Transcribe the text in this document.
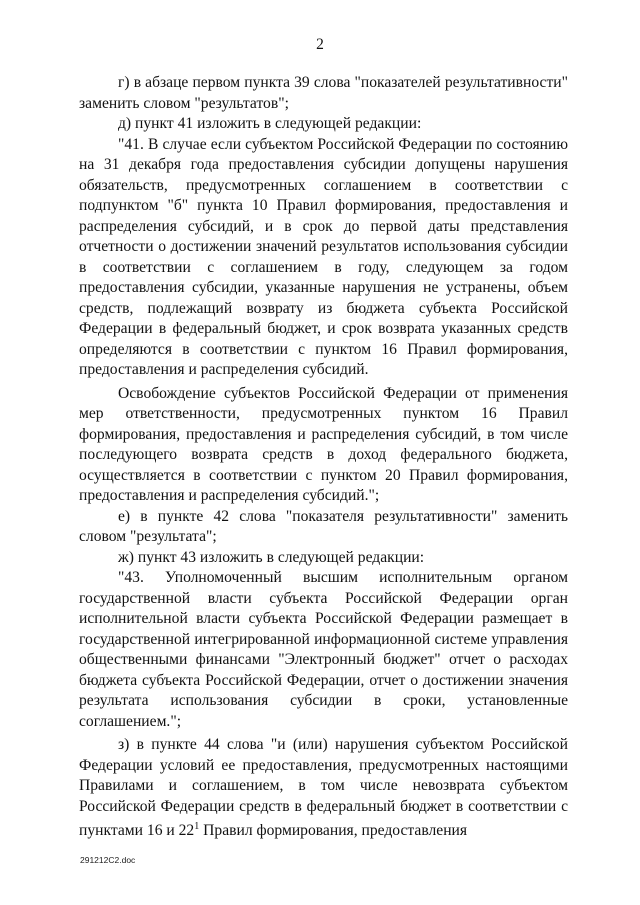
2

г) в абзаце первом пункта 39 слова "показателей результативности" заменить словом "результатов";

д) пункт 41 изложить в следующей редакции:

"41. В случае если субъектом Российской Федерации по состоянию на 31 декабря года предоставления субсидии допущены нарушения обязательств, предусмотренных соглашением в соответствии с подпунктом "б" пункта 10 Правил формирования, предоставления и распределения субсидий, и в срок до первой даты представления отчетности о достижении значений результатов использования субсидии в соответствии с соглашением в году, следующем за годом предоставления субсидии, указанные нарушения не устранены, объем средств, подлежащий возврату из бюджета субъекта Российской Федерации в федеральный бюджет, и срок возврата указанных средств определяются в соответствии с пунктом 16 Правил формирования, предоставления и распределения субсидий.

Освобождение субъектов Российской Федерации от применения мер ответственности, предусмотренных пунктом 16 Правил формирования, предоставления и распределения субсидий, в том числе последующего возврата средств в доход федерального бюджета, осуществляется в соответствии с пунктом 20 Правил формирования, предоставления и распределения субсидий.";

е) в пункте 42 слова "показателя результативности" заменить словом "результата";

ж) пункт 43 изложить в следующей редакции:

"43. Уполномоченный высшим исполнительным органом государственной власти субъекта Российской Федерации орган исполнительной власти субъекта Российской Федерации размещает в государственной интегрированной информационной системе управления общественными финансами "Электронный бюджет" отчет о расходах бюджета субъекта Российской Федерации, отчет о достижении значения результата использования субсидии в сроки, установленные соглашением.";

з) в пункте 44 слова "и (или) нарушения субъектом Российской Федерации условий ее предоставления, предусмотренных настоящими Правилами и соглашением, в том числе невозврата субъектом Российской Федерации средств в федеральный бюджет в соответствии с пунктами 16 и $22^1$ Правил формирования, предоставления

291212С2.doc
